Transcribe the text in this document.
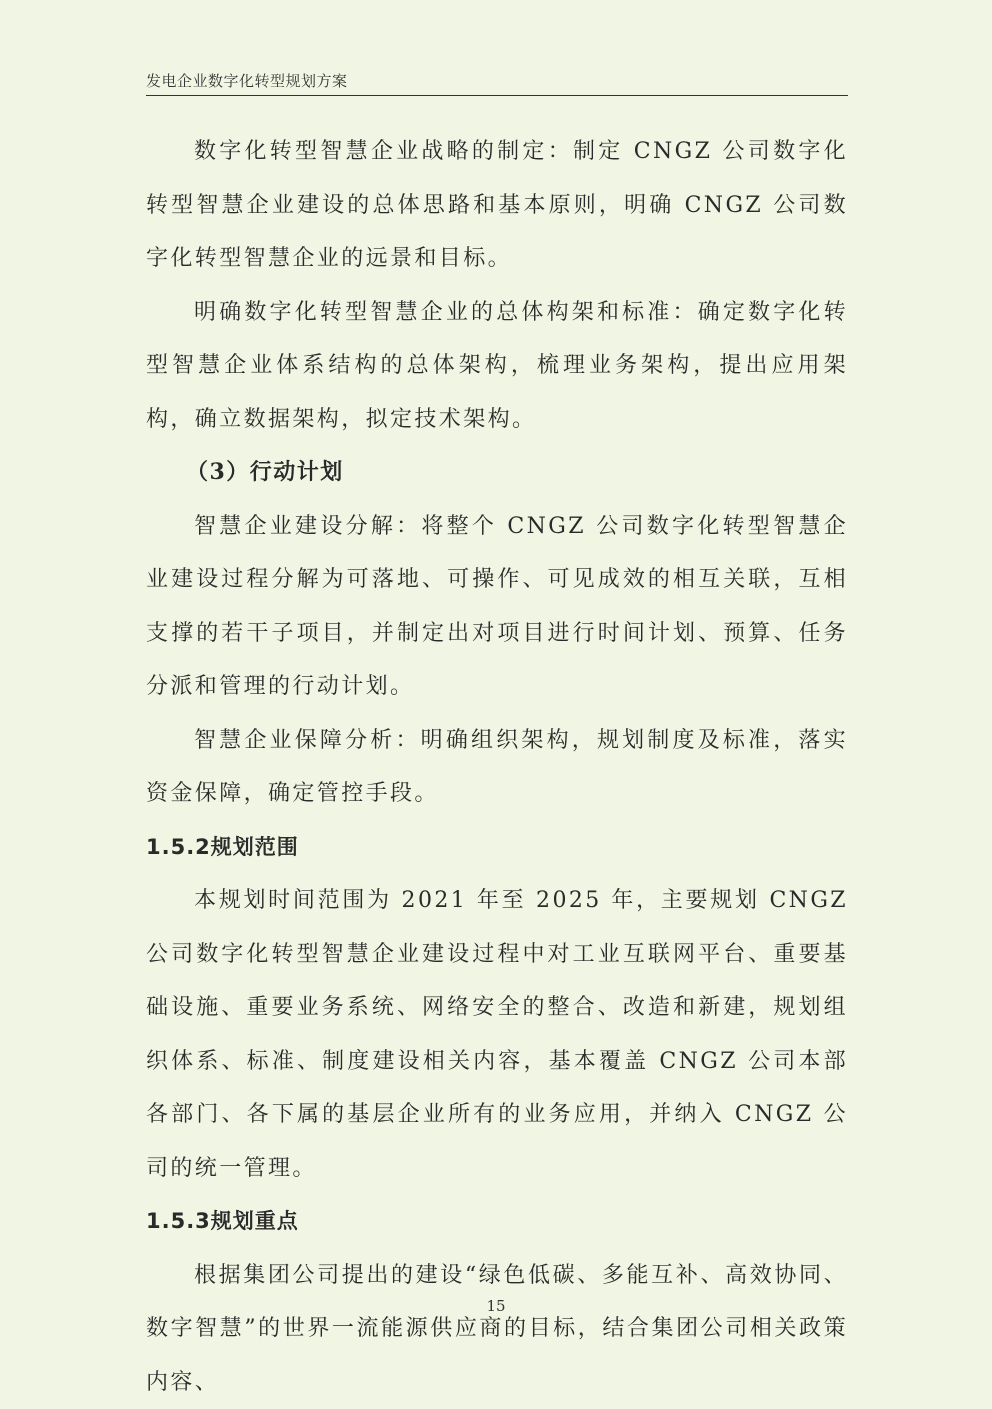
发电企业数字化转型规划方案

数字化转型智慧企业战略的制定：制定 CNGZ 公司数字化转型智慧企业建设的总体思路和基本原则，明确 CNGZ 公司数字化转型智慧企业的远景和目标。

明确数字化转型智慧企业的总体构架和标准：确定数字化转型智慧企业体系结构的总体架构，梳理业务架构，提出应用架构，确立数据架构，拟定技术架构。

（3）行动计划

智慧企业建设分解：将整个 CNGZ 公司数字化转型智慧企业建设过程分解为可落地、可操作、可见成效的相互关联，互相支撑的若干子项目，并制定出对项目进行时间计划、预算、任务分派和管理的行动计划。

智慧企业保障分析：明确组织架构，规划制度及标准，落实资金保障，确定管控手段。

1.5.2规划范围

本规划时间范围为 2021 年至 2025 年，主要规划 CNGZ 公司数字化转型智慧企业建设过程中对工业互联网平台、重要基础设施、重要业务系统、网络安全的整合、改造和新建，规划组织体系、标准、制度建设相关内容，基本覆盖 CNGZ 公司本部各部门、各下属的基层企业所有的业务应用，并纳入 CNGZ 公司的统一管理。

1.5.3规划重点

根据集团公司提出的建设“绿色低碳、多能互补、高效协同、数字智慧”的世界一流能源供应商的目标，结合集团公司相关政策内容、

15
